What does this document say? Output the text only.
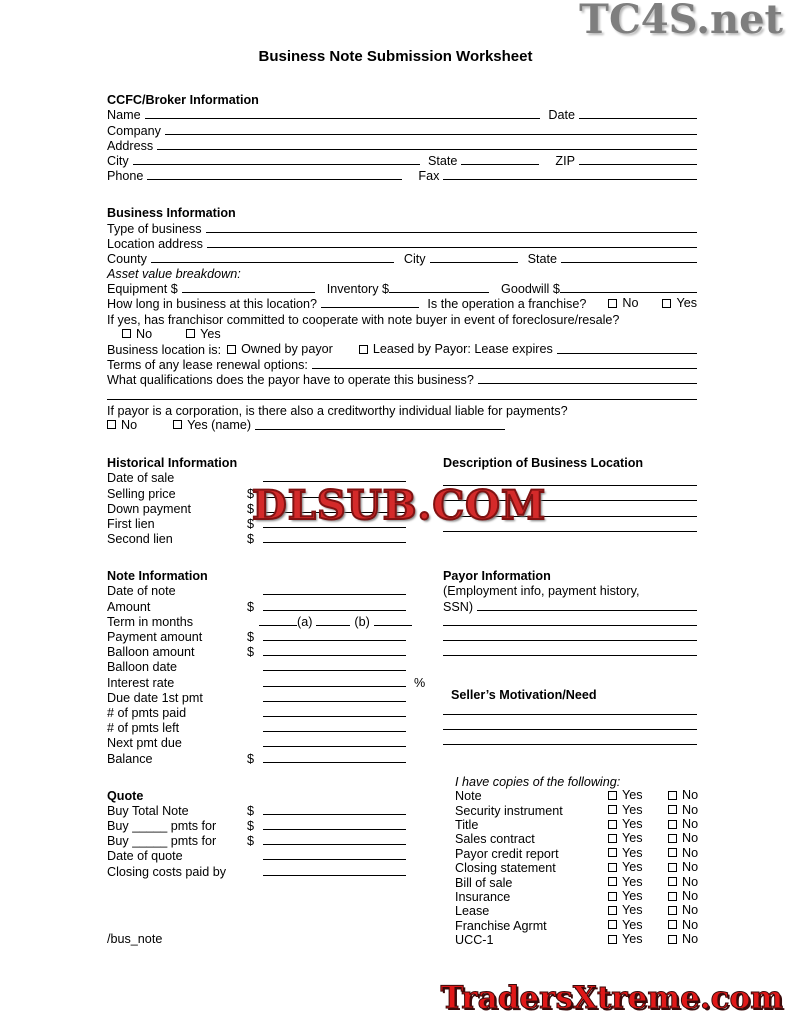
TC4S.net
Business Note Submission Worksheet
DLSUB.COM
TradersXtreme.com
/bus_note
CCFC/Broker Information
Name	Date
Company
Address
City	State	ZIP
Phone	Fax
Business Information
Type of business
Location address
County	City	State
Asset value breakdown:
Equipment $	Inventory $	Goodwill $
How long in business at this location?	Is the operation a franchise?	No	Yes
If yes, has franchisor committed to cooperate with note buyer in event of foreclosure/resale?
No	Yes
Business location is: Owned by payor	Leased by Payor: Lease expires
Terms of any lease renewal options:
What qualifications does the payor have to operate this business?
If payor is a corporation, is there also a creditworthy individual liable for payments?
No	Yes (name)
Historical Information
Date of sale
Selling price	$
Down payment	$
First lien	$
Second lien	$
Description of Business Location
Note Information
Date of note
Amount	$
Term in months	(a)	(b)
Payment amount	$
Balloon amount	$
Balloon date
Interest rate	%
Due date 1st pmt
# of pmts paid
# of pmts left
Next pmt due
Balance	$
Payor Information
(Employment info, payment history,
SSN)
Seller’s Motivation/Need
Quote
Buy Total Note	$
Buy _____ pmts for	$
Buy _____ pmts for	$
Date of quote
Closing costs paid by
I have copies of the following:
Note	Yes	No
Security instrument	Yes	No
Title	Yes	No
Sales contract	Yes	No
Payor credit report	Yes	No
Closing statement	Yes	No
Bill of sale	Yes	No
Insurance	Yes	No
Lease	Yes	No
Franchise Agrmt	Yes	No
UCC-1	Yes	No
